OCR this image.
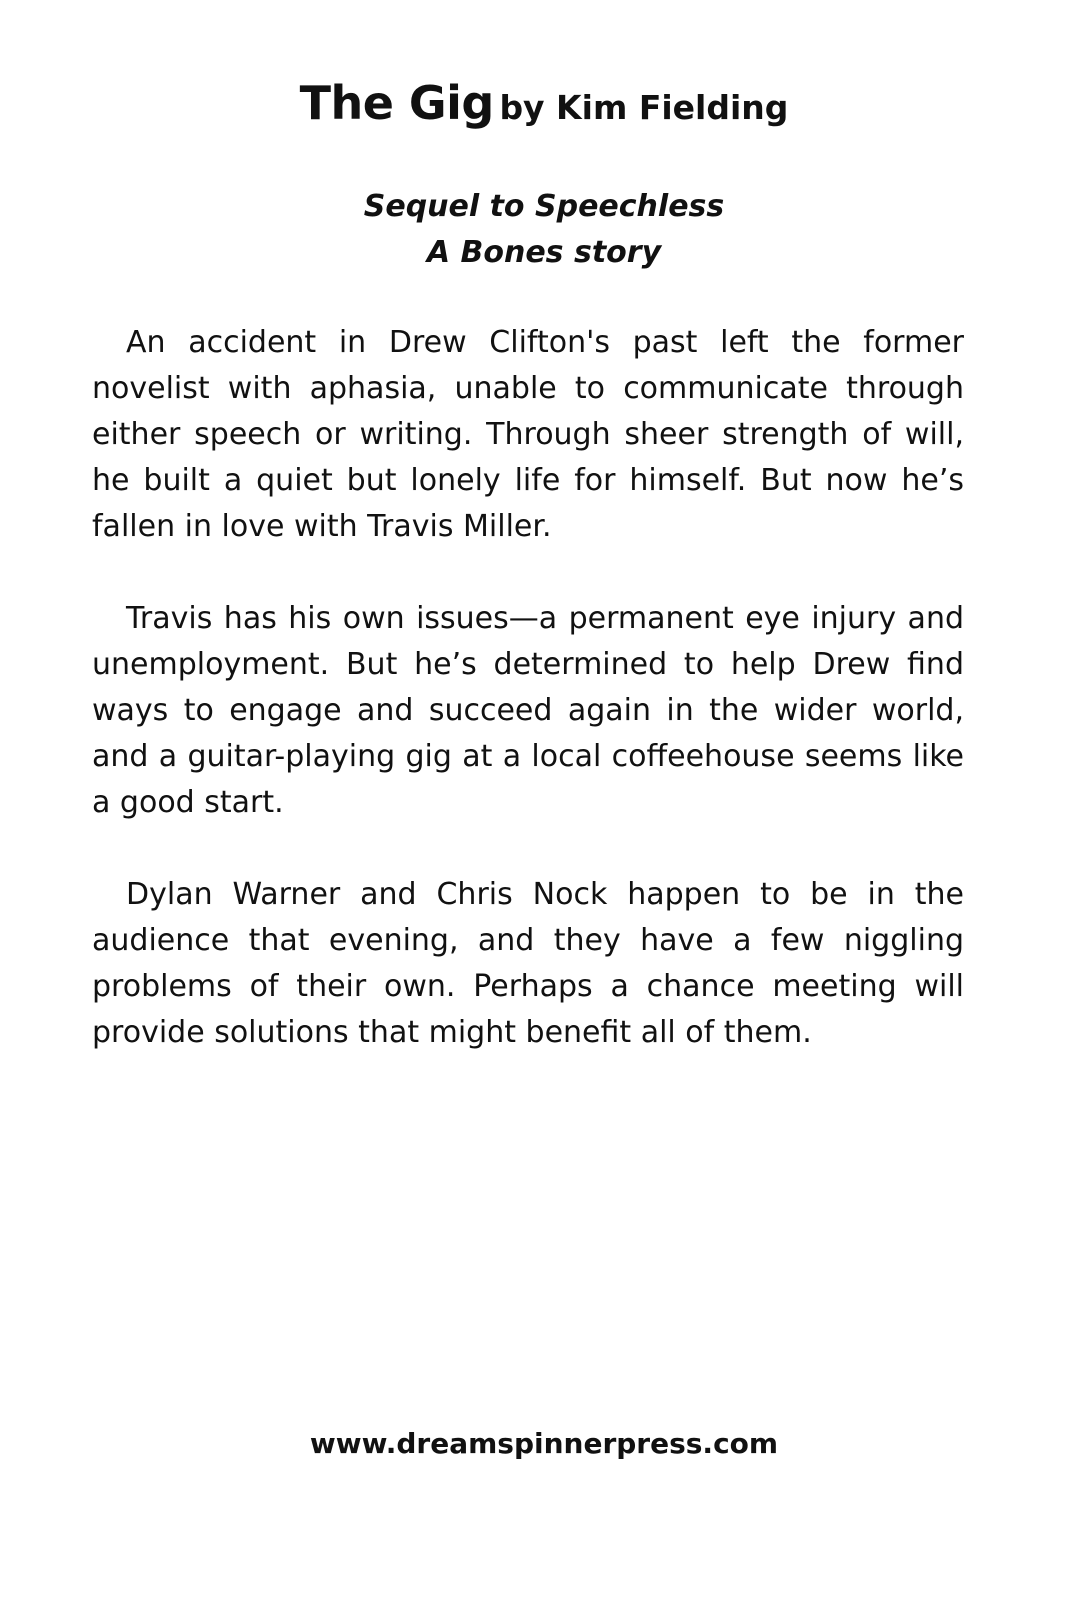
The Gig by Kim Fielding
Sequel to Speechless
A Bones story

An accident in Drew Clifton's past left the former novelist with aphasia, unable to communicate through either speech or writing. Through sheer strength of will, he built a quiet but lonely life for himself. But now he’s fallen in love with Travis Miller.

Travis has his own issues—a permanent eye injury and unemployment. But he’s determined to help Drew find ways to engage and succeed again in the wider world, and a guitar-playing gig at a local coffeehouse seems like a good start.

Dylan Warner and Chris Nock happen to be in the audience that evening, and they have a few niggling problems of their own. Perhaps a chance meeting will provide solutions that might benefit all of them.

www.dreamspinnerpress.com
